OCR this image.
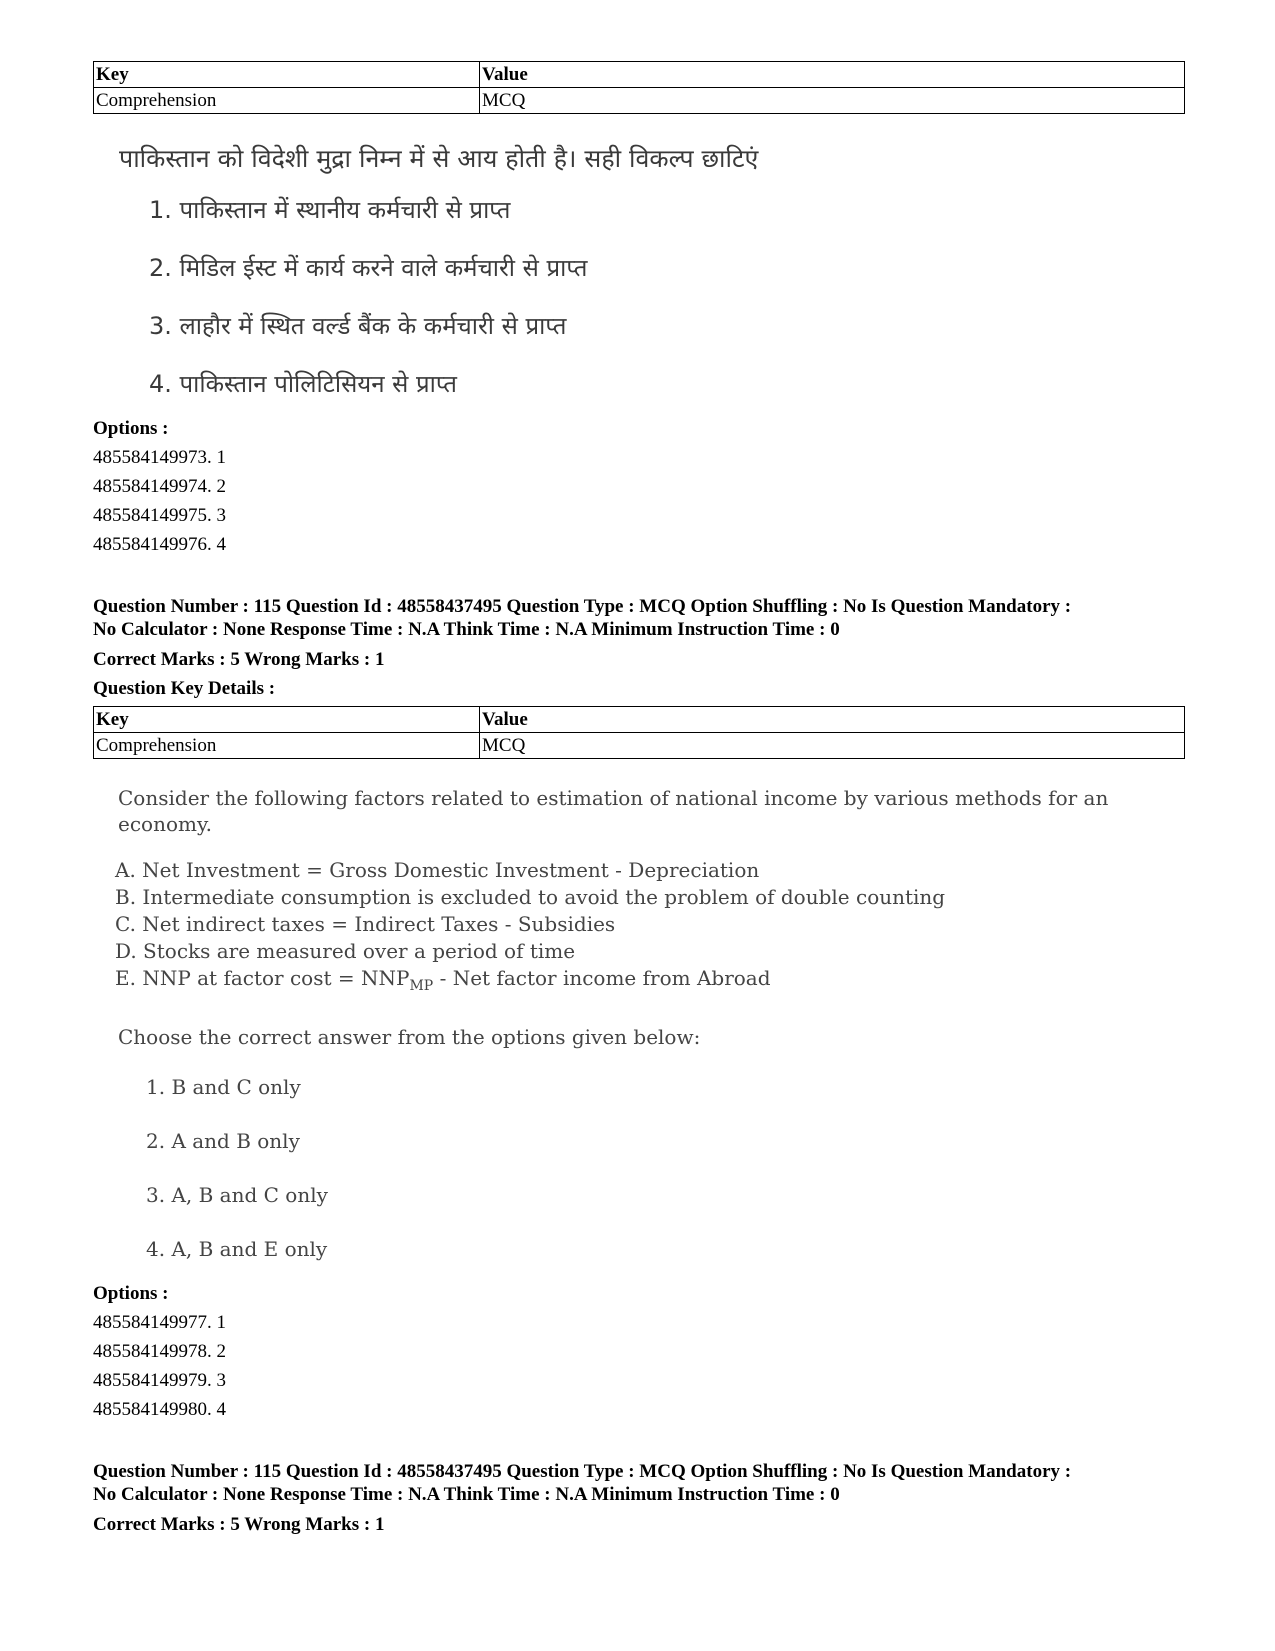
Key	Value
Comprehension	MCQ
पाकिस्तान को विदेशी मुद्रा निम्न में से आय होती है। सही विकल्प छाटिएं
1. पाकिस्तान में स्थानीय कर्मचारी से प्राप्त
2. मिडिल ईस्ट में कार्य करने वाले कर्मचारी से प्राप्त
3. लाहौर में स्थित वर्ल्ड बैंक के कर्मचारी से प्राप्त
4. पाकिस्तान पोलिटिसियन से प्राप्त
Options :
485584149973. 1
485584149974. 2
485584149975. 3
485584149976. 4
Question Number : 115 Question Id : 48558437495 Question Type : MCQ Option Shuffling : No Is Question Mandatory :
No Calculator : None Response Time : N.A Think Time : N.A Minimum Instruction Time : 0
Correct Marks : 5 Wrong Marks : 1
Question Key Details :
Key	Value
Comprehension	MCQ
Consider the following factors related to estimation of national income by various methods for an economy.
A. Net Investment = Gross Domestic Investment - Depreciation
B. Intermediate consumption is excluded to avoid the problem of double counting
C. Net indirect taxes = Indirect Taxes - Subsidies
D. Stocks are measured over a period of time
E. NNP at factor $\cos t = NNP_{MP}$ - Net factor income from Abroad
Choose the correct answer from the options given below:
1. B and C only
2. A and B only
3. A, B and C only
4. A, B and E only
Options :
485584149977. 1
485584149978. 2
485584149979. 3
485584149980. 4
Question Number : 115 Question Id : 48558437495 Question Type : MCQ Option Shuffling : No Is Question Mandatory :
No Calculator : None Response Time : N.A Think Time : N.A Minimum Instruction Time : 0
Correct Marks : 5 Wrong Marks : 1
